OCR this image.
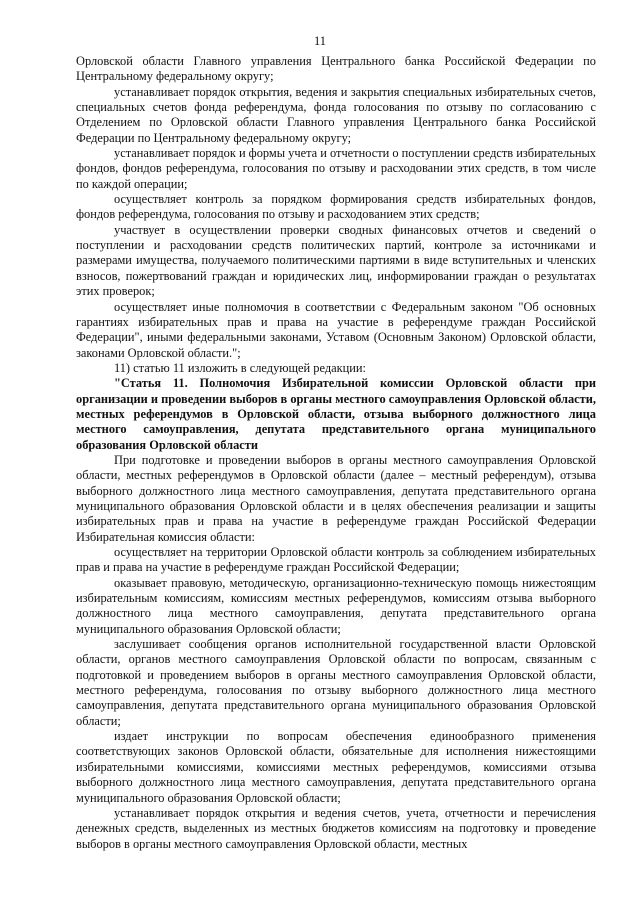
11

Орловской области Главного управления Центрального банка Российской Федерации по Центральному федеральному округу;

устанавливает порядок открытия, ведения и закрытия специальных избирательных счетов, специальных счетов фонда референдума, фонда голосования по отзыву по согласованию с Отделением по Орловской области Главного управления Центрального банка Российской Федерации по Центральному федеральному округу;

устанавливает порядок и формы учета и отчетности о поступлении средств избирательных фондов, фондов референдума, голосования по отзыву и расходовании этих средств, в том числе по каждой операции;

осуществляет контроль за порядком формирования средств избирательных фондов, фондов референдума, голосования по отзыву и расходованием этих средств;

участвует в осуществлении проверки сводных финансовых отчетов и сведений о поступлении и расходовании средств политических партий, контроле за источниками и размерами имущества, получаемого политическими партиями в виде вступительных и членских взносов, пожертвований граждан и юридических лиц, информировании граждан о результатах этих проверок;

осуществляет иные полномочия в соответствии с Федеральным законом "Об основных гарантиях избирательных прав и права на участие в референдуме граждан Российской Федерации", иными федеральными законами, Уставом (Основным Законом) Орловской области, законами Орловской области.";

11) статью 11 изложить в следующей редакции:

"Статья 11. Полномочия Избирательной комиссии Орловской области при организации и проведении выборов в органы местного самоуправления Орловской области, местных референдумов в Орловской области, отзыва выборного должностного лица местного самоуправления, депутата представительного органа муниципального образования Орловской области

При подготовке и проведении выборов в органы местного самоуправления Орловской области, местных референдумов в Орловской области (далее – местный референдум), отзыва выборного должностного лица местного самоуправления, депутата представительного органа муниципального образования Орловской области и в целях обеспечения реализации и защиты избирательных прав и права на участие в референдуме граждан Российской Федерации Избирательная комиссия области:

осуществляет на территории Орловской области контроль за соблюдением избирательных прав и права на участие в референдуме граждан Российской Федерации;

оказывает правовую, методическую, организационно-техническую помощь нижестоящим избирательным комиссиям, комиссиям местных референдумов, комиссиям отзыва выборного должностного лица местного самоуправления, депутата представительного органа муниципального образования Орловской области;

заслушивает сообщения органов исполнительной государственной власти Орловской области, органов местного самоуправления Орловской области по вопросам, связанным с подготовкой и проведением выборов в органы местного самоуправления Орловской области, местного референдума, голосования по отзыву выборного должностного лица местного самоуправления, депутата представительного органа муниципального образования Орловской области;

издает инструкции по вопросам обеспечения единообразного применения соответствующих законов Орловской области, обязательные для исполнения нижестоящими избирательными комиссиями, комиссиями местных референдумов, комиссиями отзыва выборного должностного лица местного самоуправления, депутата представительного органа муниципального образования Орловской области;

устанавливает порядок открытия и ведения счетов, учета, отчетности и перечисления денежных средств, выделенных из местных бюджетов комиссиям на подготовку и проведение выборов в органы местного самоуправления Орловской области, местных
